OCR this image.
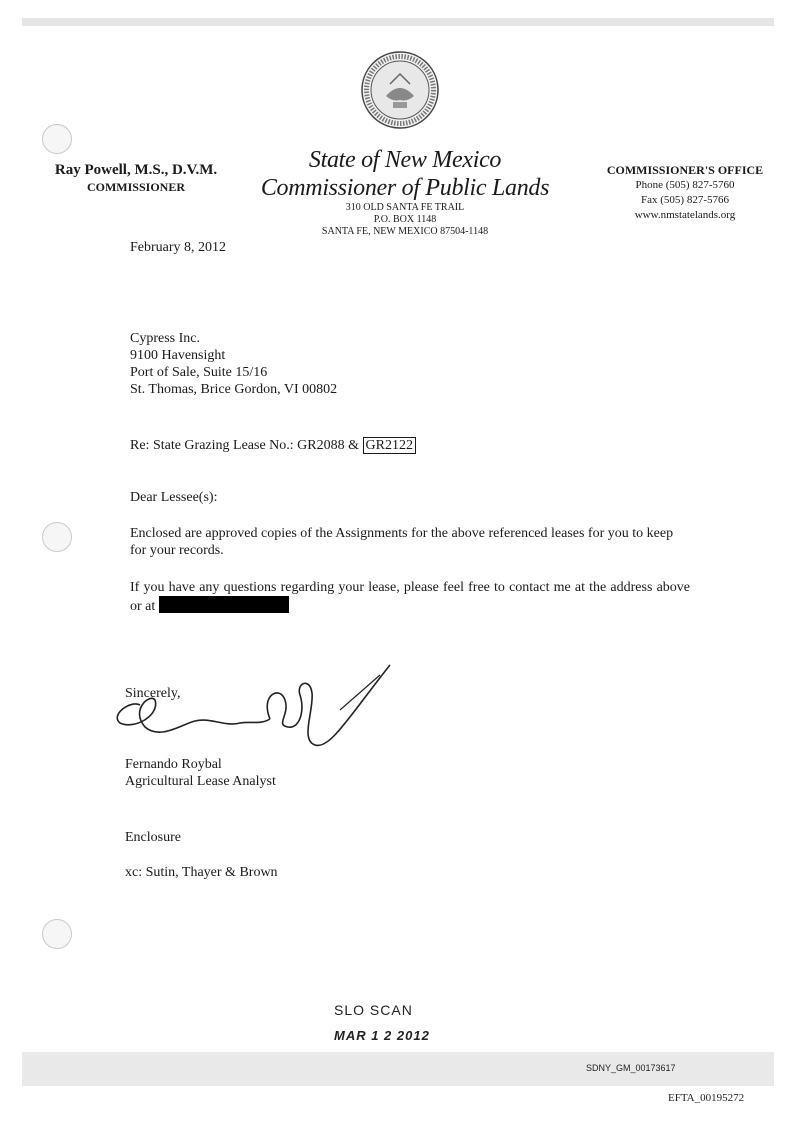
Ray Powell, M.S., D.V.M.
COMMISSIONER
State of New Mexico
Commissioner of Public Lands
310 OLD SANTA FE TRAIL
P.O. BOX 1148
SANTA FE, NEW MEXICO 87504-1148
COMMISSIONER'S OFFICE
Phone (505) 827-5760
Fax (505) 827-5766
www.nmstatelands.org
February 8, 2012
Cypress Inc.
9100 Havensight
Port of Sale, Suite 15/16
St. Thomas, Brice Gordon, VI 00802
Re: State Grazing Lease No.: GR2088 & GR2122
Dear Lessee(s):
Enclosed are approved copies of the Assignments for the above referenced leases for you to keep for your records.
If you have any questions regarding your lease, please feel free to contact me at the address above or at
Sincerely,
Fernando Roybal
Agricultural Lease Analyst
Enclosure
xc: Sutin, Thayer & Brown
SLO SCAN
MAR 1 2 2012
SDNY_GM_00173617
EFTA_00195272
